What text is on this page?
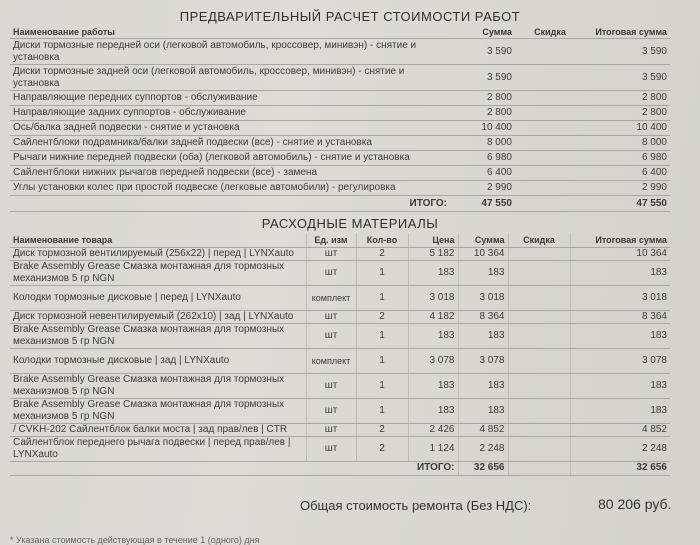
ПРЕДВАРИТЕЛЬНЫЙ РАСЧЕТ СТОИМОСТИ РАБОТ
Наименование работы	Сумма	Скидка	Итоговая сумма
Диски тормозные передней оси (легковой автомобиль, кроссовер, минивэн) - снятие и установка	3 590		3 590
Диски тормозные задней оси (легковой автомобиль, кроссовер, минивэн) - снятие и установка	3 590		3 590
Направляющие передних суппортов - обслуживание	2 800		2 800
Направляющие задних суппортов - обслуживание	2 800		2 800
Ось/балка задней подвески - снятие и установка	10 400		10 400
Сайлентблоки подрамника/балки задней подвески (все) - снятие и установка	8 000		8 000
Рычаги нижние передней подвески (оба) (легковой автомобиль) - снятие и установка	6 980		6 980
Сайлентблоки нижних рычагов передней подвески (все) - замена	6 400		6 400
Углы установки колес при простой подвеске (легковые автомобили) - регулировка	2 990		2 990
ИТОГО:	47 550		47 550
РАСХОДНЫЕ МАТЕРИАЛЫ
Наименование товара	Ед. изм	Кол-во	Цена	Сумма	Скидка	Итоговая сумма
Диск тормозной вентилируемый (256x22) | перед | LYNXauto	шт	2	5 182	10 364		10 364
Brake Assembly Grease Смазка монтажная для тормозных механизмов 5 гр NGN	шт	1	183	183		183
Колодки тормозные дисковые | перед | LYNXauto	комплект	1	3 018	3 018		3 018
Диск тормозной невентилируемый (262x10) | зад | LYNXauto	шт	2	4 182	8 364		8 364
Brake Assembly Grease Смазка монтажная для тормозных механизмов 5 гр NGN	шт	1	183	183		183
Колодки тормозные дисковые | зад | LYNXauto	комплект	1	3 078	3 078		3 078
Brake Assembly Grease Смазка монтажная для тормозных механизмов 5 гр NGN	шт	1	183	183		183
Brake Assembly Grease Смазка монтажная для тормозных механизмов 5 гр NGN	шт	1	183	183		183
/ CVKH-202 Сайлентблок балки моста | зад прав/лев | CTR	шт	2	2 426	4 852		4 852
Сайлентблок переднего рычага подвески | перед прав/лев | LYNXauto	шт	2	1 124	2 248		2 248
ИТОГО:				32 656		32 656
Общая стоимость ремонта (Без НДС):	80 206 руб.
* Указана стоимость действующая в течение 1 (одного) дня
